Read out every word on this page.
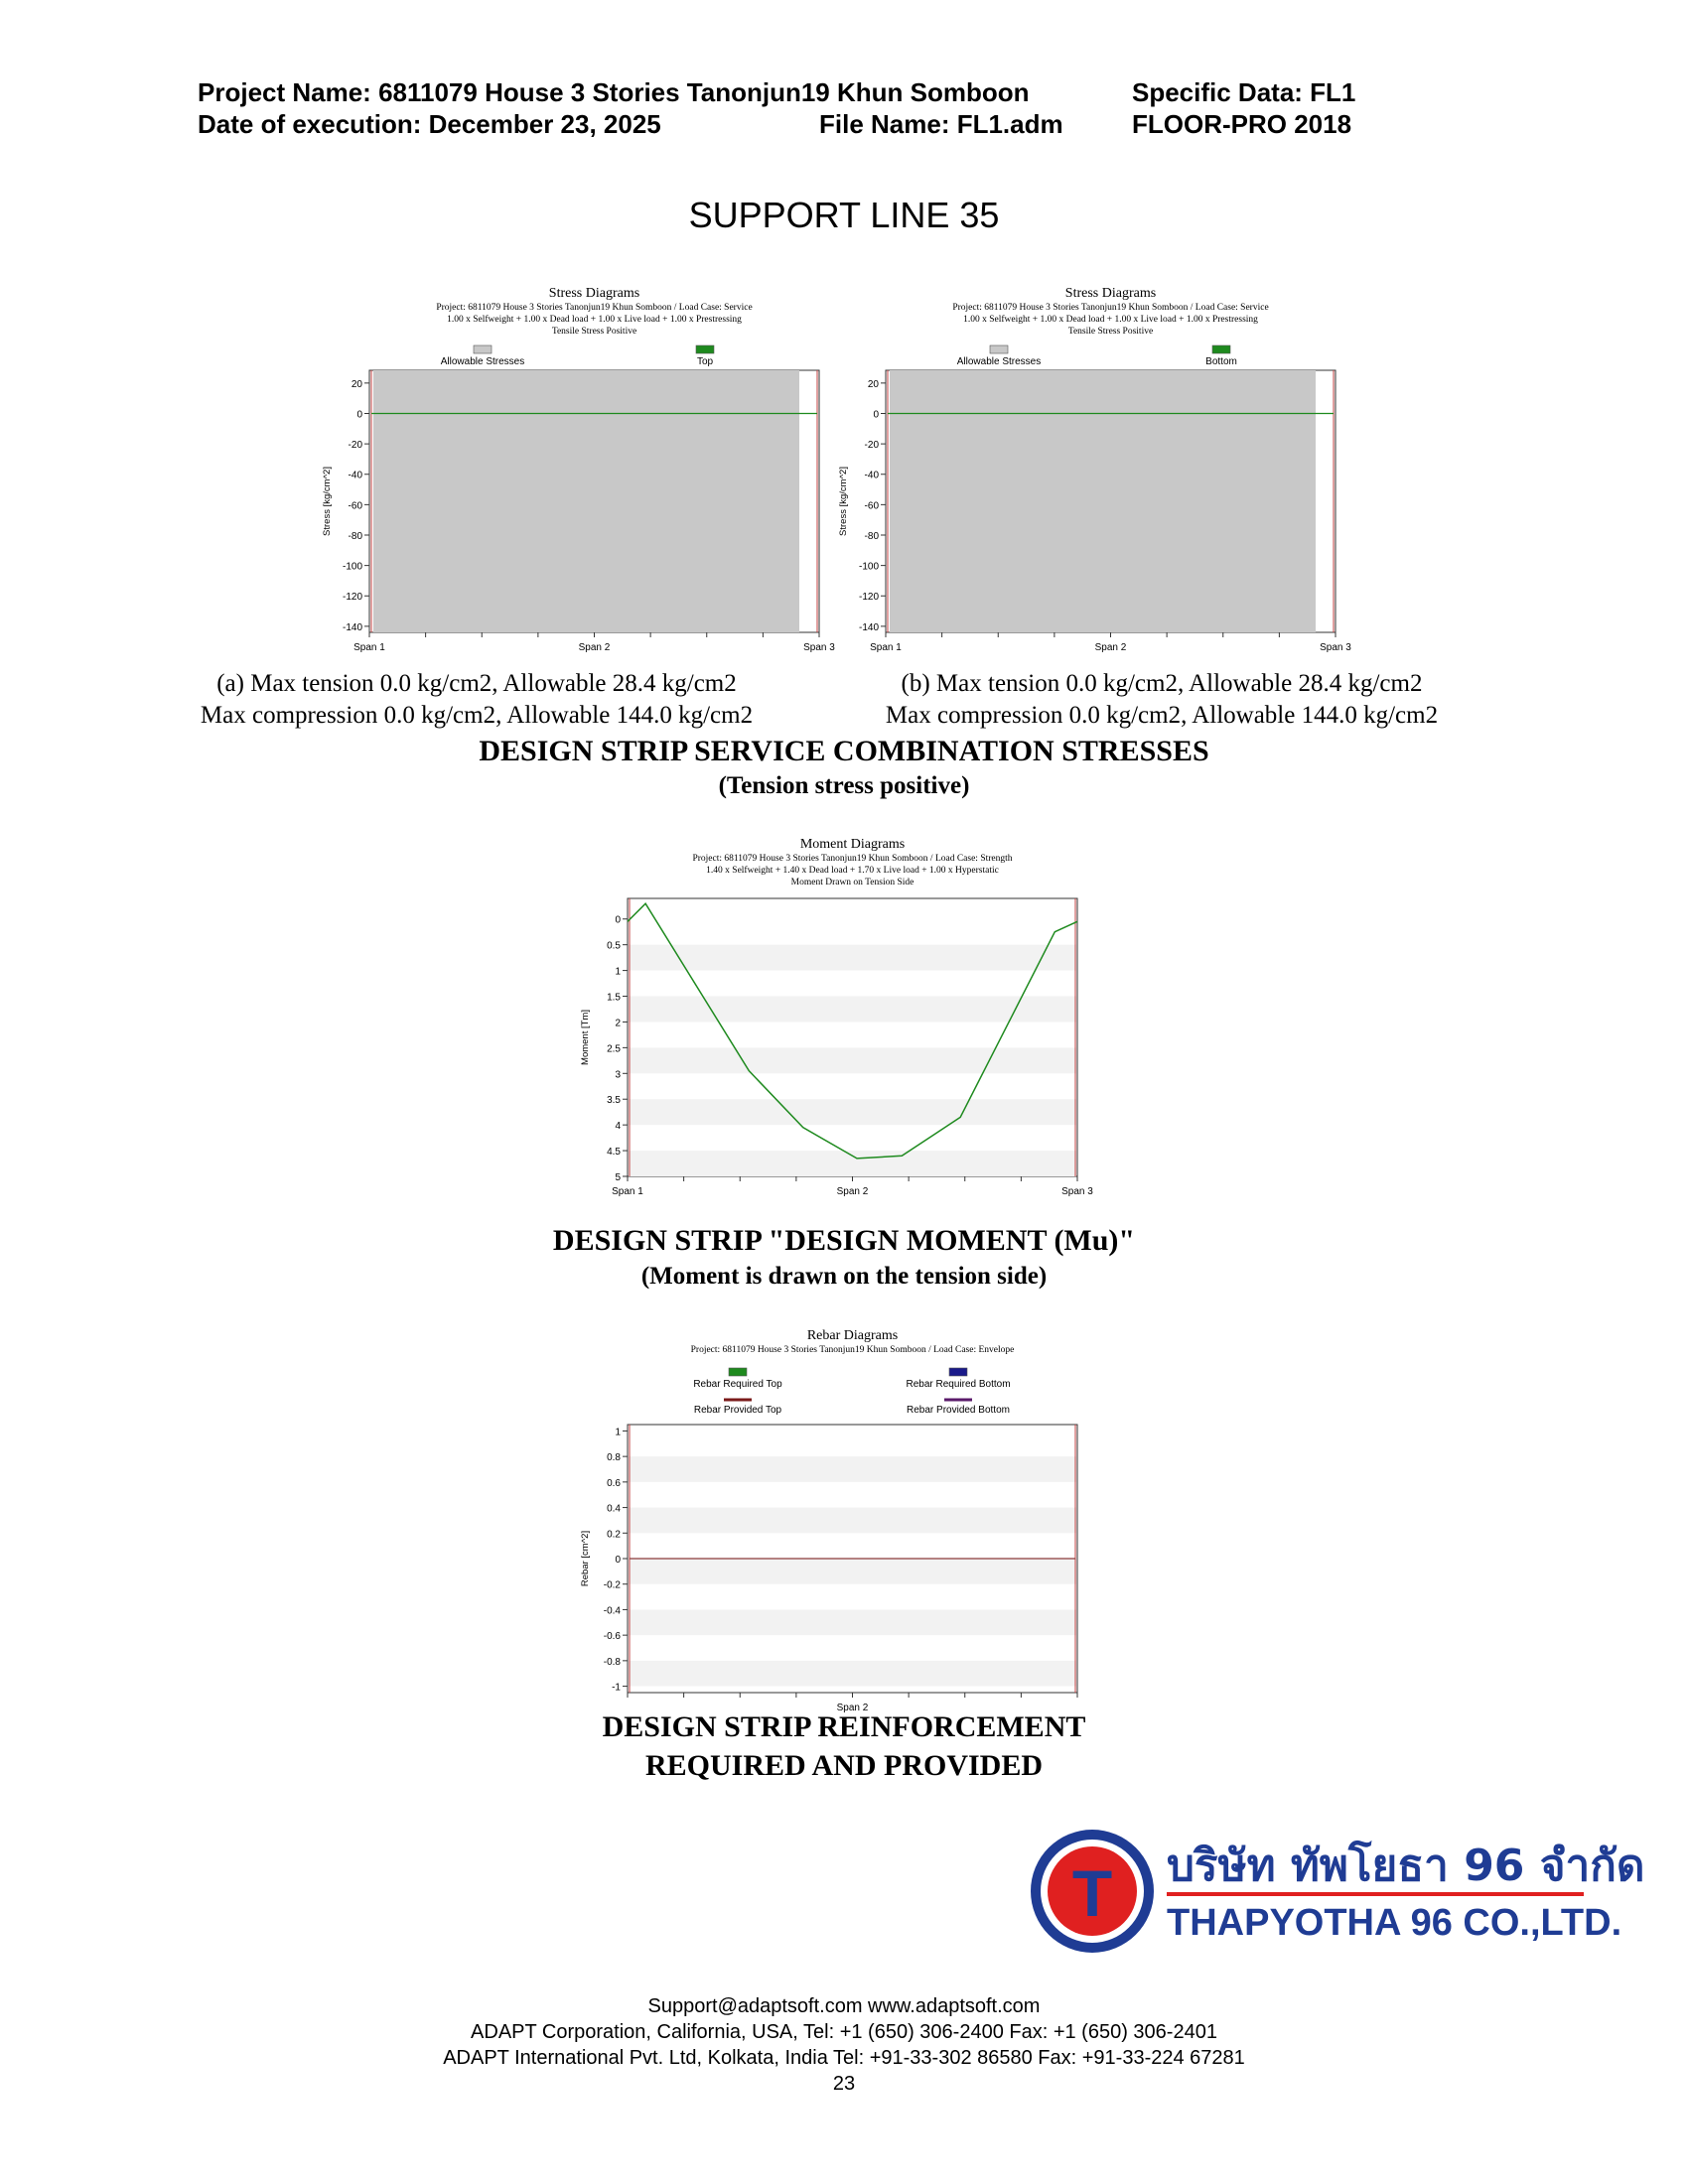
Project Name: 6811079 House 3 Stories Tanonjun19 Khun Somboon	Specific Data: FL1
Date of execution: December 23, 2025	File Name: FL1.adm	FLOOR-PRO 2018
SUPPORT LINE 35
Stress Diagrams
Project: 6811079 House 3 Stories Tanonjun19 Khun Somboon / Load Case: Service
1.00 x Selfweight + 1.00 x Dead load + 1.00 x Live load + 1.00 x Prestressing
Tensile Stress Positive
Allowable Stresses	Top
20
0
-20
-40
-60
-80
-100
-120
-140
Stress [kg/cm^2]
Span 1	Span 2	Span 3
Stress Diagrams
Project: 6811079 House 3 Stories Tanonjun19 Khun Somboon / Load Case: Service
1.00 x Selfweight + 1.00 x Dead load + 1.00 x Live load + 1.00 x Prestressing
Tensile Stress Positive
Allowable Stresses	Bottom
20
0
-20
-40
-60
-80
-100
-120
-140
Stress [kg/cm^2]
Span 1	Span 2	Span 3
(a) Max tension 0.0 kg/cm2, Allowable 28.4 kg/cm2
Max compression 0.0 kg/cm2, Allowable 144.0 kg/cm2
(b) Max tension 0.0 kg/cm2, Allowable 28.4 kg/cm2
Max compression 0.0 kg/cm2, Allowable 144.0 kg/cm2
DESIGN STRIP SERVICE COMBINATION STRESSES
(Tension stress positive)
Moment Diagrams
Project: 6811079 House 3 Stories Tanonjun19 Khun Somboon / Load Case: Strength
1.40 x Selfweight + 1.40 x Dead load + 1.70 x Live load + 1.00 x Hyperstatic
Moment Drawn on Tension Side
0
0.5
1
1.5
2
2.5
3
3.5
4
4.5
5
Moment [Tm]
Span 1	Span 2	Span 3
DESIGN STRIP "DESIGN MOMENT (Mu)"
(Moment is drawn on the tension side)
Rebar Diagrams
Project: 6811079 House 3 Stories Tanonjun19 Khun Somboon / Load Case: Envelope
Rebar Required Top	Rebar Required Bottom
Rebar Provided Top	Rebar Provided Bottom
1
0.8
0.6
0.4
0.2
0
-0.2
-0.4
-0.6
-0.8
-1
Rebar [cm^2]
Span 2
DESIGN STRIP REINFORCEMENT
REQUIRED AND PROVIDED
T บริษัท ทัพโยธา 96 จำกัด
THAPYOTHA 96 CO.,LTD.
Support@adaptsoft.com www.adaptsoft.com
ADAPT Corporation, California, USA, Tel: +1 (650) 306-2400 Fax: +1 (650) 306-2401
ADAPT International Pvt. Ltd, Kolkata, India Tel: +91-33-302 86580 Fax: +91-33-224 67281
23
